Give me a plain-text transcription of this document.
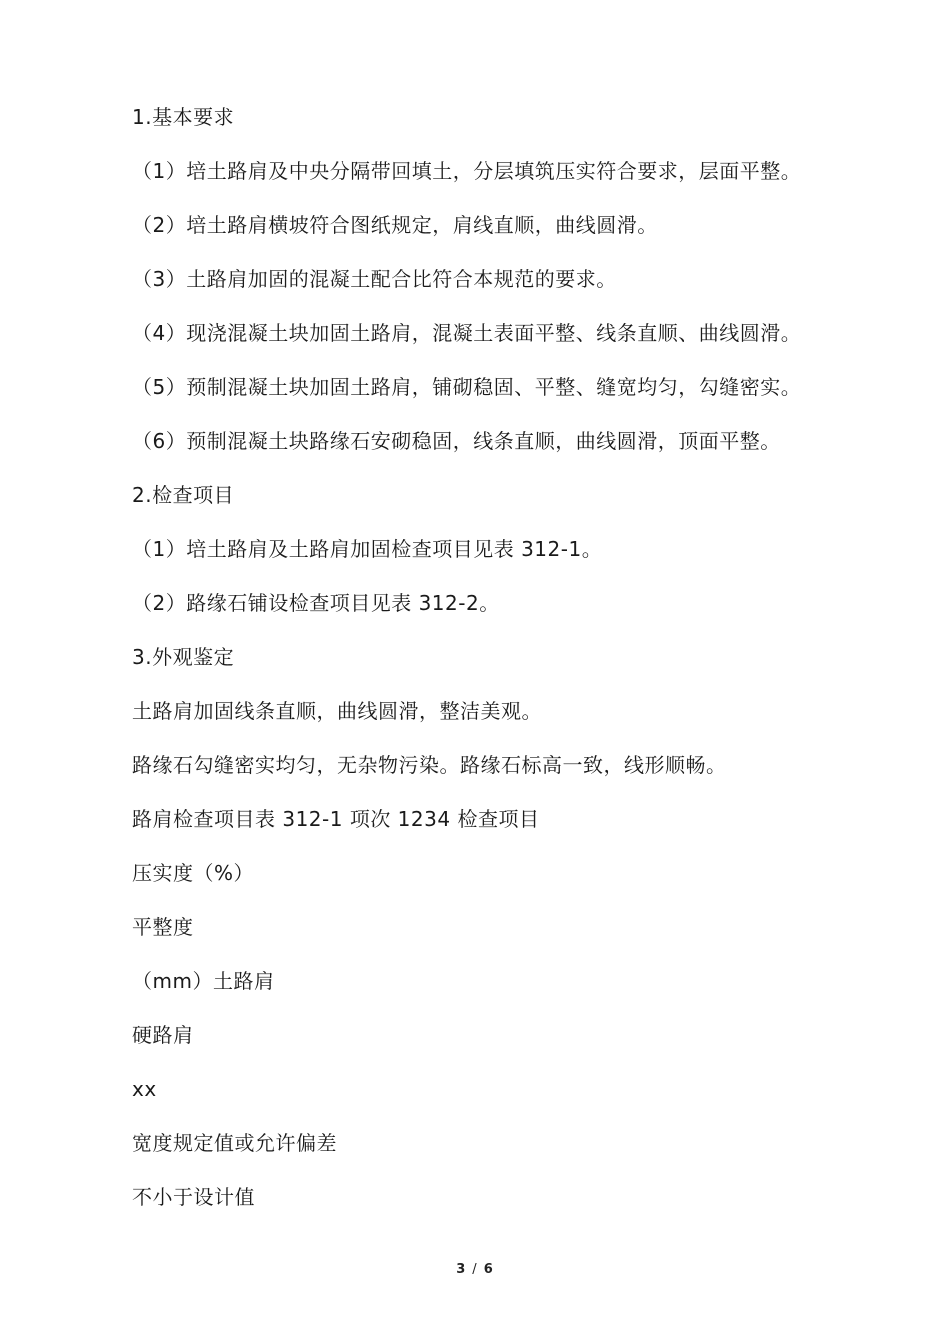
1.基本要求
（1）培土路肩及中央分隔带回填土，分层填筑压实符合要求，层面平整。
（2）培土路肩横坡符合图纸规定，肩线直顺，曲线圆滑。
（3）土路肩加固的混凝土配合比符合本规范的要求。
（4）现浇混凝土块加固土路肩，混凝土表面平整、线条直顺、曲线圆滑。
（5）预制混凝土块加固土路肩，铺砌稳固、平整、缝宽均匀，勾缝密实。
（6）预制混凝土块路缘石安砌稳固，线条直顺，曲线圆滑，顶面平整。
2.检查项目
（1）培土路肩及土路肩加固检查项目见表 312-1。
（2）路缘石铺设检查项目见表 312-2。
3.外观鉴定
土路肩加固线条直顺，曲线圆滑，整洁美观。
路缘石勾缝密实均匀，无杂物污染。路缘石标高一致，线形顺畅。
路肩检查项目表 312-1 项次 1234 检查项目
压实度（%）
平整度
（mm）土路肩
硬路肩
xx
宽度规定值或允许偏差
不小于设计值
3 / 6
